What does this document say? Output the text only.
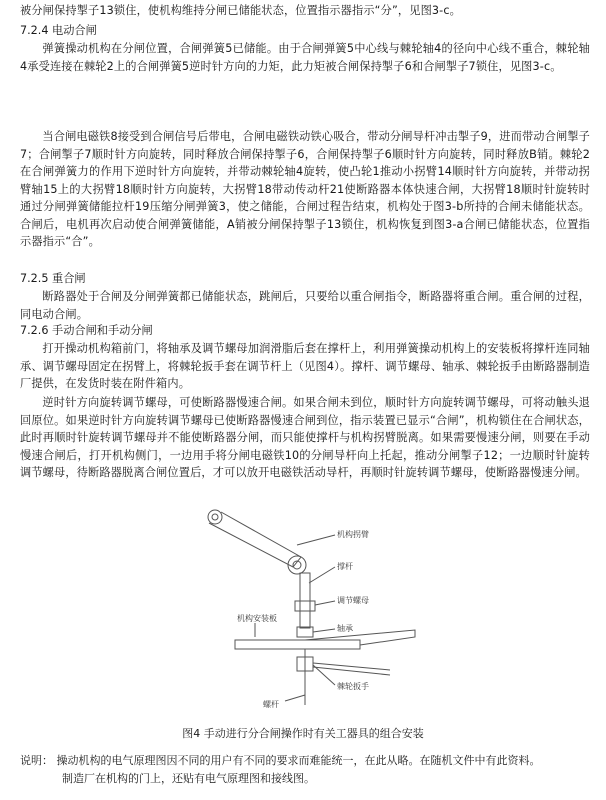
被分闸保持掣子13锁住，使机构维持分闸已储能状态，位置指示器指示“分”，见图3-c。
7.2.4 电动合闸
弹簧操动机构在分闸位置，合闸弹簧5已储能。由于合闸弹簧5中心线与棘轮轴4的径向中心线不重合，棘轮轴4承受连接在棘轮2上的合闸弹簧5逆时针方向的力矩，此力矩被合闸保持掣子6和合闸掣子7锁住，见图3-c。
当合闸电磁铁8接受到合闸信号后带电，合闸电磁铁动铁心吸合，带动分闸导杆冲击掣子9，进而带动合闸掣子7；合闸掣子7顺时针方向旋转，同时释放合闸保持掣子6，合闸保持掣子6顺时针方向旋转，同时释放B销。棘轮2在合闸弹簧力的作用下逆时针方向旋转，并带动棘轮轴4旋转，使凸轮1推动小拐臂14顺时针方向旋转，并带动拐臂轴15上的大拐臂18顺时针方向旋转，大拐臂18带动传动杆21使断路器本体快速合闸，大拐臂18顺时针旋转时通过分闸弹簧储能拉杆19压缩分闸弹簧3，使之储能，合闸过程告结束，机构处于图3-b所持的合闸未储能状态。合闸后，电机再次启动使合闸弹簧储能，A销被分闸保持掣子13锁住，机构恢复到图3-a合闸已储能状态，位置指示器指示“合”。
7.2.5 重合闸
断路器处于合闸及分闸弹簧都已储能状态，跳闸后，只要给以重合闸指令，断路器将重合闸。重合闸的过程，同电动合闸。
7.2.6 手动合闸和手动分闸
打开操动机构箱前门，将轴承及调节螺母加润滑脂后套在撑杆上，利用弹簧操动机构上的安装板将撑杆连同轴承、调节螺母固定在拐臂上，将棘轮扳手套在调节杆上（见图4）。撑杆、调节螺母、轴承、棘轮扳手由断路器制造厂提供，在发货时装在附件箱内。
逆时针方向旋转调节螺母，可使断路器慢速合闸。如果合闸未到位，顺时针方向旋转调节螺母，可将动触头退回原位。如果逆时针方向旋转调节螺母已使断路器慢速合闸到位，指示装置已显示“合闸”，机构锁住在合闸状态，此时再顺时针旋转调节螺母并不能使断路器分闸，而只能使撑杆与机构拐臂脱离。如果需要慢速分闸，则要在手动慢速合闸后，打开机构侧门，一边用手将分闸电磁铁10的分闸导杆向上托起，推动分闸掣子12；一边顺时针旋转调节螺母，待断路器脱离合闸位置后，才可以放开电磁铁活动导杆，再顺时针旋转调节螺母，使断路器慢速分闸。
机构拐臂
撑杆
机构安装板
调节螺母
轴承
棘轮扳手
螺杆
图4 手动进行分合闸操作时有关工器具的组合安装
说明： 操动机构的电气原理图因不同的用户有不同的要求而难能统一，在此从略。在随机文件中有此资料。
制造厂在机构的门上，还贴有电气原理图和接线图。
